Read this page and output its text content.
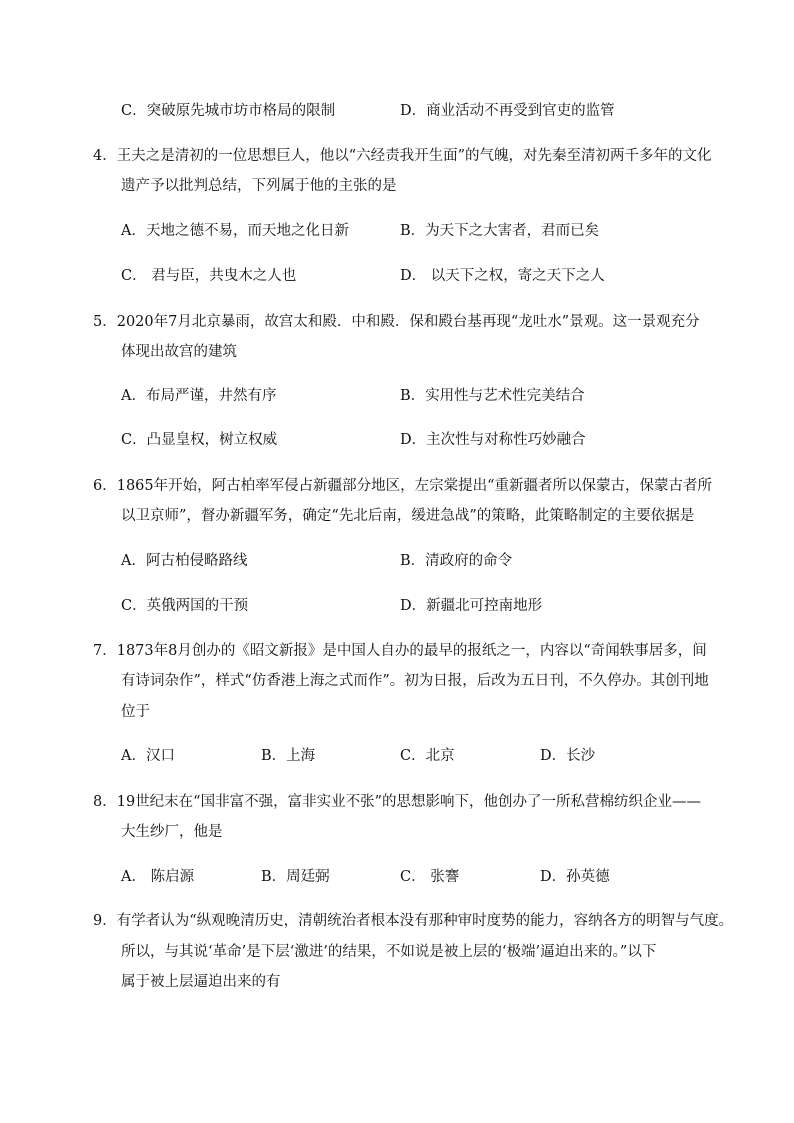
C．突破原先城市坊市格局的限制	D．商业活动不再受到官吏的监管
4．王夫之是清初的一位思想巨人，他以“六经责我开生面”的气魄，对先秦至清初两千多年的文化
遗产予以批判总结，下列属于他的主张的是
A．天地之德不易，而天地之化日新	B．为天下之大害者，君而已矣
C． 君与臣，共曳木之人也	D． 以天下之权，寄之天下之人
5．2020年7月北京暴雨，故宫太和殿．中和殿．保和殿台基再现“龙吐水”景观。这一景观充分
体现出故宫的建筑
A．布局严谨，井然有序	B．实用性与艺术性完美结合
C．凸显皇权，树立权威	D．主次性与对称性巧妙融合
6．1865年开始，阿古柏率军侵占新疆部分地区，左宗棠提出“重新疆者所以保蒙古，保蒙古者所
以卫京师”，督办新疆军务，确定“先北后南，缓进急战”的策略，此策略制定的主要依据是
A．阿古柏侵略路线	B．清政府的命令
C．英俄两国的干预	D．新疆北可控南地形
7．1873年8月创办的《昭文新报》是中国人自办的最早的报纸之一，内容以“奇闻轶事居多，间
有诗词杂作”，样式“仿香港上海之式而作”。初为日报，后改为五日刊，不久停办。其创刊地
位于
A．汉口	B．上海	C．北京	D．长沙
8．19世纪末在“国非富不强，富非实业不张”的思想影响下，他创办了一所私营棉纺织企业——
大生纱厂，他是
A． 陈启源	B．周廷弼	C． 张謇	D．孙英德
9．有学者认为“纵观晚清历史，清朝统治者根本没有那种审时度势的能力，容纳各方的明智与气度。
所以，与其说‘革命’是下层‘激进’的结果，不如说是被上层的‘极端’逼迫出来的。”以下
属于被上层逼迫出来的有
